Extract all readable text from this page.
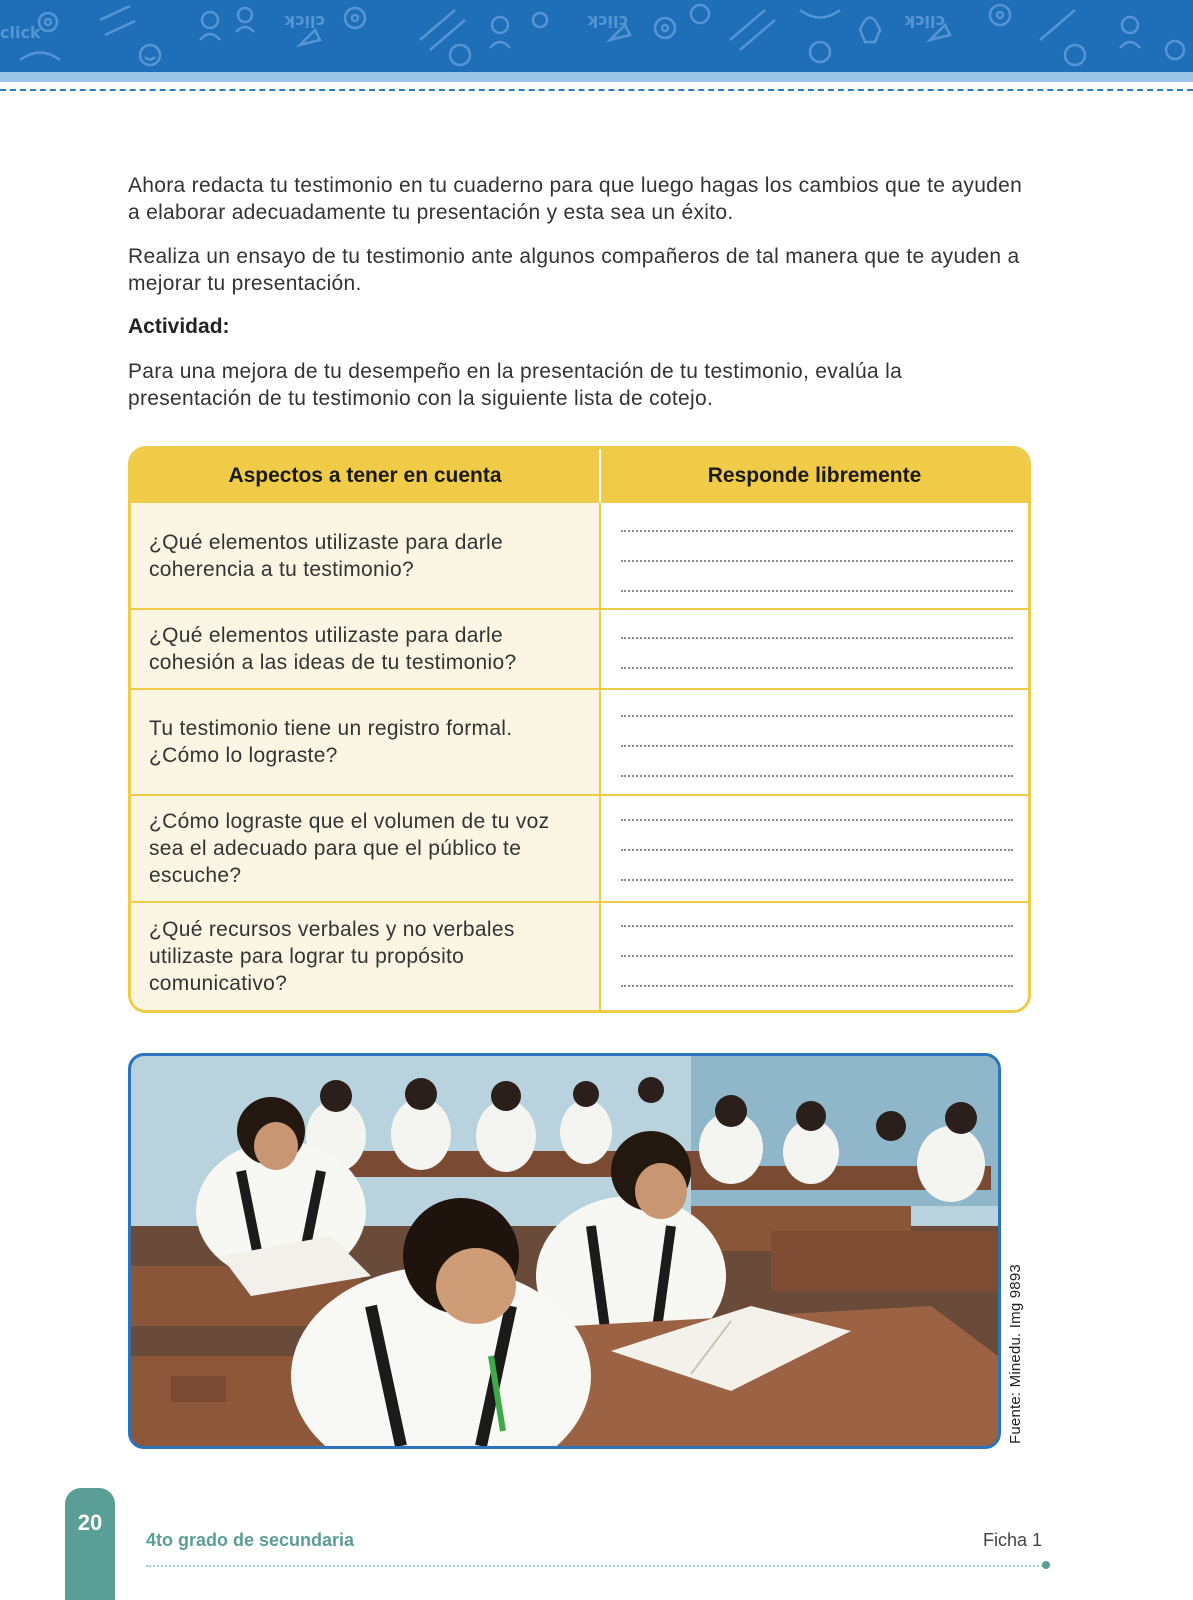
click	click	click
click

Ahora redacta tu testimonio en tu cuaderno para que luego hagas los cambios que te ayuden a elaborar adecuadamente tu presentación y esta sea un éxito.

Realiza un ensayo de tu testimonio ante algunos compañeros de tal manera que te ayuden a mejorar tu presentación.

Actividad:

Para una mejora de tu desempeño en la presentación de tu testimonio, evalúa la presentación de tu testimonio con la siguiente lista de cotejo.

Aspectos a tener en cuenta	Responde libremente
¿Qué elementos utilizaste para darle coherencia a tu testimonio?
¿Qué elementos utilizaste para darle cohesión a las ideas de tu testimonio?
Tu testimonio tiene un registro formal. ¿Cómo lo lograste?
¿Cómo lograste que el volumen de tu voz sea el adecuado para que el público te escuche?
¿Qué recursos verbales y no verbales utilizaste para lograr tu propósito comunicativo?
Fuente: Minedu. Img 9893
20
4to grado de secundaria	Ficha 1
